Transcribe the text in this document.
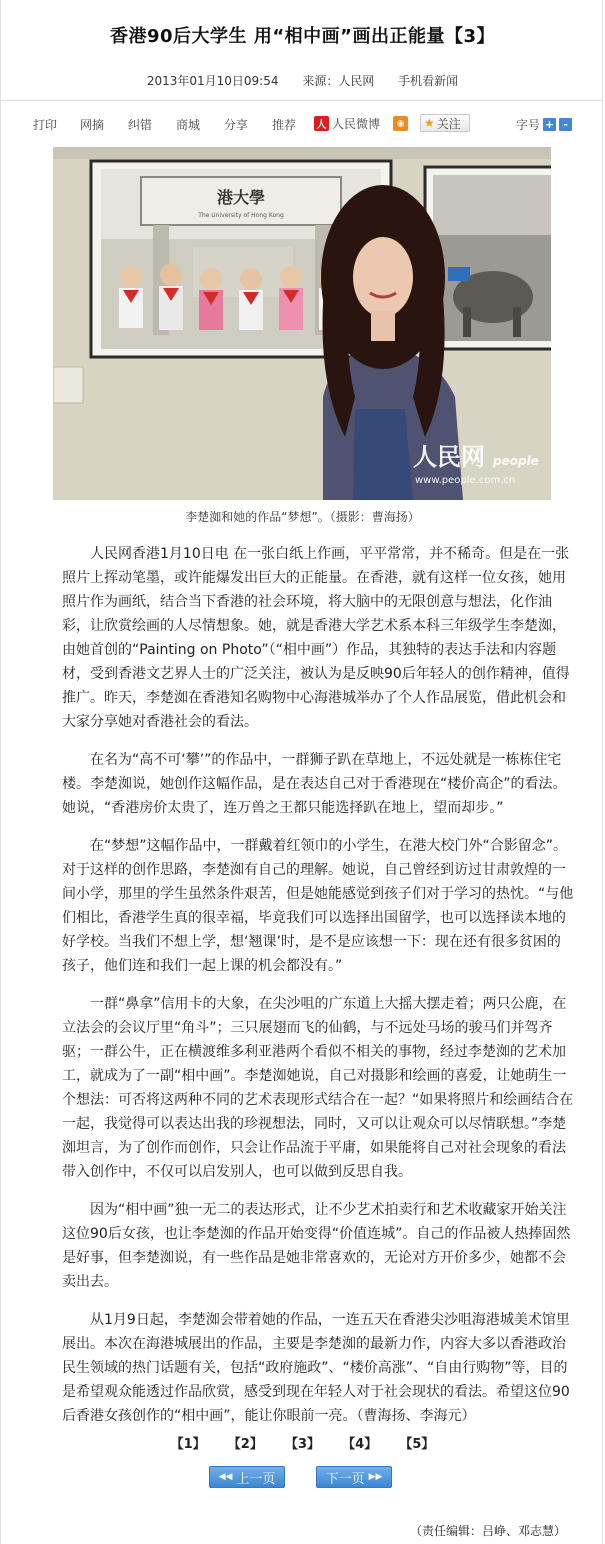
香港90后大学生 用“相中画”画出正能量【3】
2013年01月10日09:54 来源：人民网 手机看新闻
打印 网摘 纠错 商城 分享 推荐 人 人民微博	◉ ★ 关注	字号 + -
港大學
The University of Hong Kong
人民网 people
www.people.com.cn
李楚洳和她的作品“梦想”。（摄影：曹海扬）

人民网香港1月10日电 在一张白纸上作画，平平常常，并不稀奇。但是在一张照片上挥动笔墨，或许能爆发出巨大的正能量。在香港，就有这样一位女孩，她用照片作为画纸，结合当下香港的社会环境，将大脑中的无限创意与想法，化作油彩，让欣赏绘画的人尽情想象。她，就是香港大学艺术系本科三年级学生李楚洳，由她首创的“Painting on Photo”（“相中画”）作品，其独特的表达手法和内容题材，受到香港文艺界人士的广泛关注，被认为是反映90后年轻人的创作精神，值得推广。昨天，李楚洳在香港知名购物中心海港城举办了个人作品展览，借此机会和大家分享她对香港社会的看法。

在名为“高不可‘攀’”的作品中，一群狮子趴在草地上，不远处就是一栋栋住宅楼。李楚洳说，她创作这幅作品，是在表达自己对于香港现在“楼价高企”的看法。她说，“香港房价太贵了，连万兽之王都只能选择趴在地上，望而却步。”

在“梦想”这幅作品中，一群戴着红领巾的小学生，在港大校门外“合影留念”。对于这样的创作思路，李楚洳有自己的理解。她说，自己曾经到访过甘肃敦煌的一间小学，那里的学生虽然条件艰苦，但是她能感觉到孩子们对于学习的热忱。“与他们相比，香港学生真的很幸福，毕竟我们可以选择出国留学，也可以选择读本地的好学校。当我们不想上学，想‘翘课’时，是不是应该想一下：现在还有很多贫困的孩子，他们连和我们一起上课的机会都没有。”

一群“鼻拿”信用卡的大象，在尖沙咀的广东道上大摇大摆走着；两只公鹿，在立法会的会议厅里“角斗”；三只展翅而飞的仙鹤，与不远处马场的骏马们并驾齐驱；一群公牛，正在横渡维多利亚港两个看似不相关的事物，经过李楚洳的艺术加工，就成为了一副“相中画”。李楚洳她说，自己对摄影和绘画的喜爱，让她萌生一个想法：可否将这两种不同的艺术表现形式结合在一起？“如果将照片和绘画结合在一起，我觉得可以表达出我的珍视想法，同时，又可以让观众可以尽情联想。”李楚洳坦言，为了创作而创作，只会让作品流于平庸，如果能将自己对社会现象的看法带入创作中，不仅可以启发别人，也可以做到反思自我。

因为“相中画”独一无二的表达形式，让不少艺术拍卖行和艺术收藏家开始关注这位90后女孩，也让李楚洳的作品开始变得“价值连城”。自己的作品被人热捧固然是好事，但李楚洳说，有一些作品是她非常喜欢的，无论对方开价多少，她都不会卖出去。

从1月9日起，李楚洳会带着她的作品，一连五天在香港尖沙咀海港城美术馆里展出。本次在海港城展出的作品，主要是李楚洳的最新力作，内容大多以香港政治民生领域的热门话题有关，包括“政府施政”、“楼价高涨”、“自由行购物”等，目的是希望观众能透过作品欣赏，感受到现在年轻人对于社会现状的看法。希望这位90后香港女孩创作的“相中画”，能让你眼前一亮。（曹海扬、李海元）

【1】 【2】 【3】 【4】 【5】
◀◀ 上一页	下一页 ▶▶
（责任编辑：吕峥、邓志慧）
